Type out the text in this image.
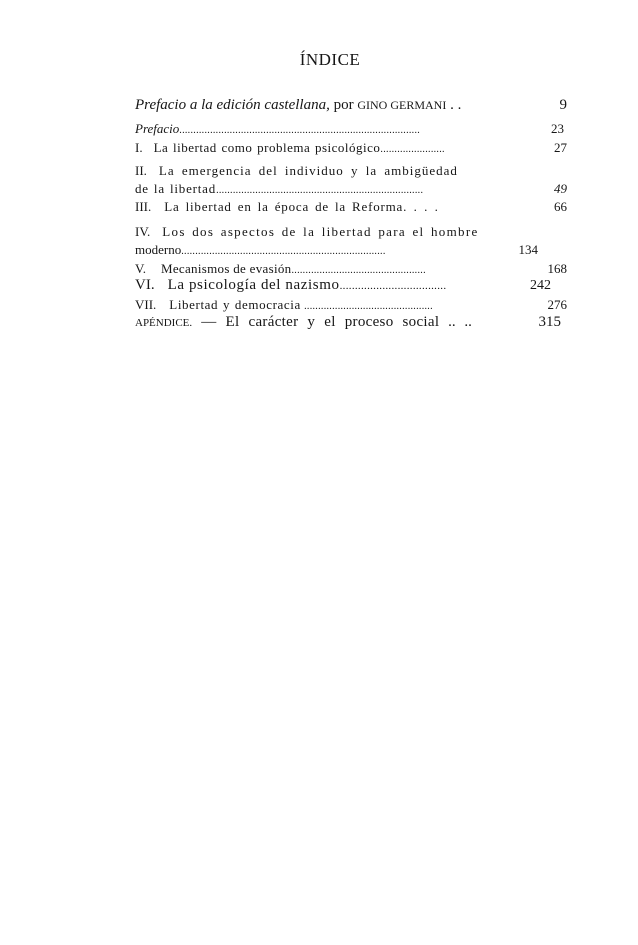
ÍNDICE
Prefacio a la edición castellana, por GINO GERMANI . .	9
Prefacio......................................................................................	23
I. La libertad como problema psicológico.......................	27
II. La emergencia del individuo y la ambigüedad
de la libertad..........................................................................	49
III. La libertad en la época de la Reforma. . . .	66
IV. Los dos aspectos de la libertad para el hombre
moderno.........................................................................	134
V. Mecanismos de evasión................................................	168
VI. La psicología del nazismo...................................	242
VII. Libertad y democracia ..............................................	276
APÉNDICE. — El carácter y el proceso social .. ..	315
